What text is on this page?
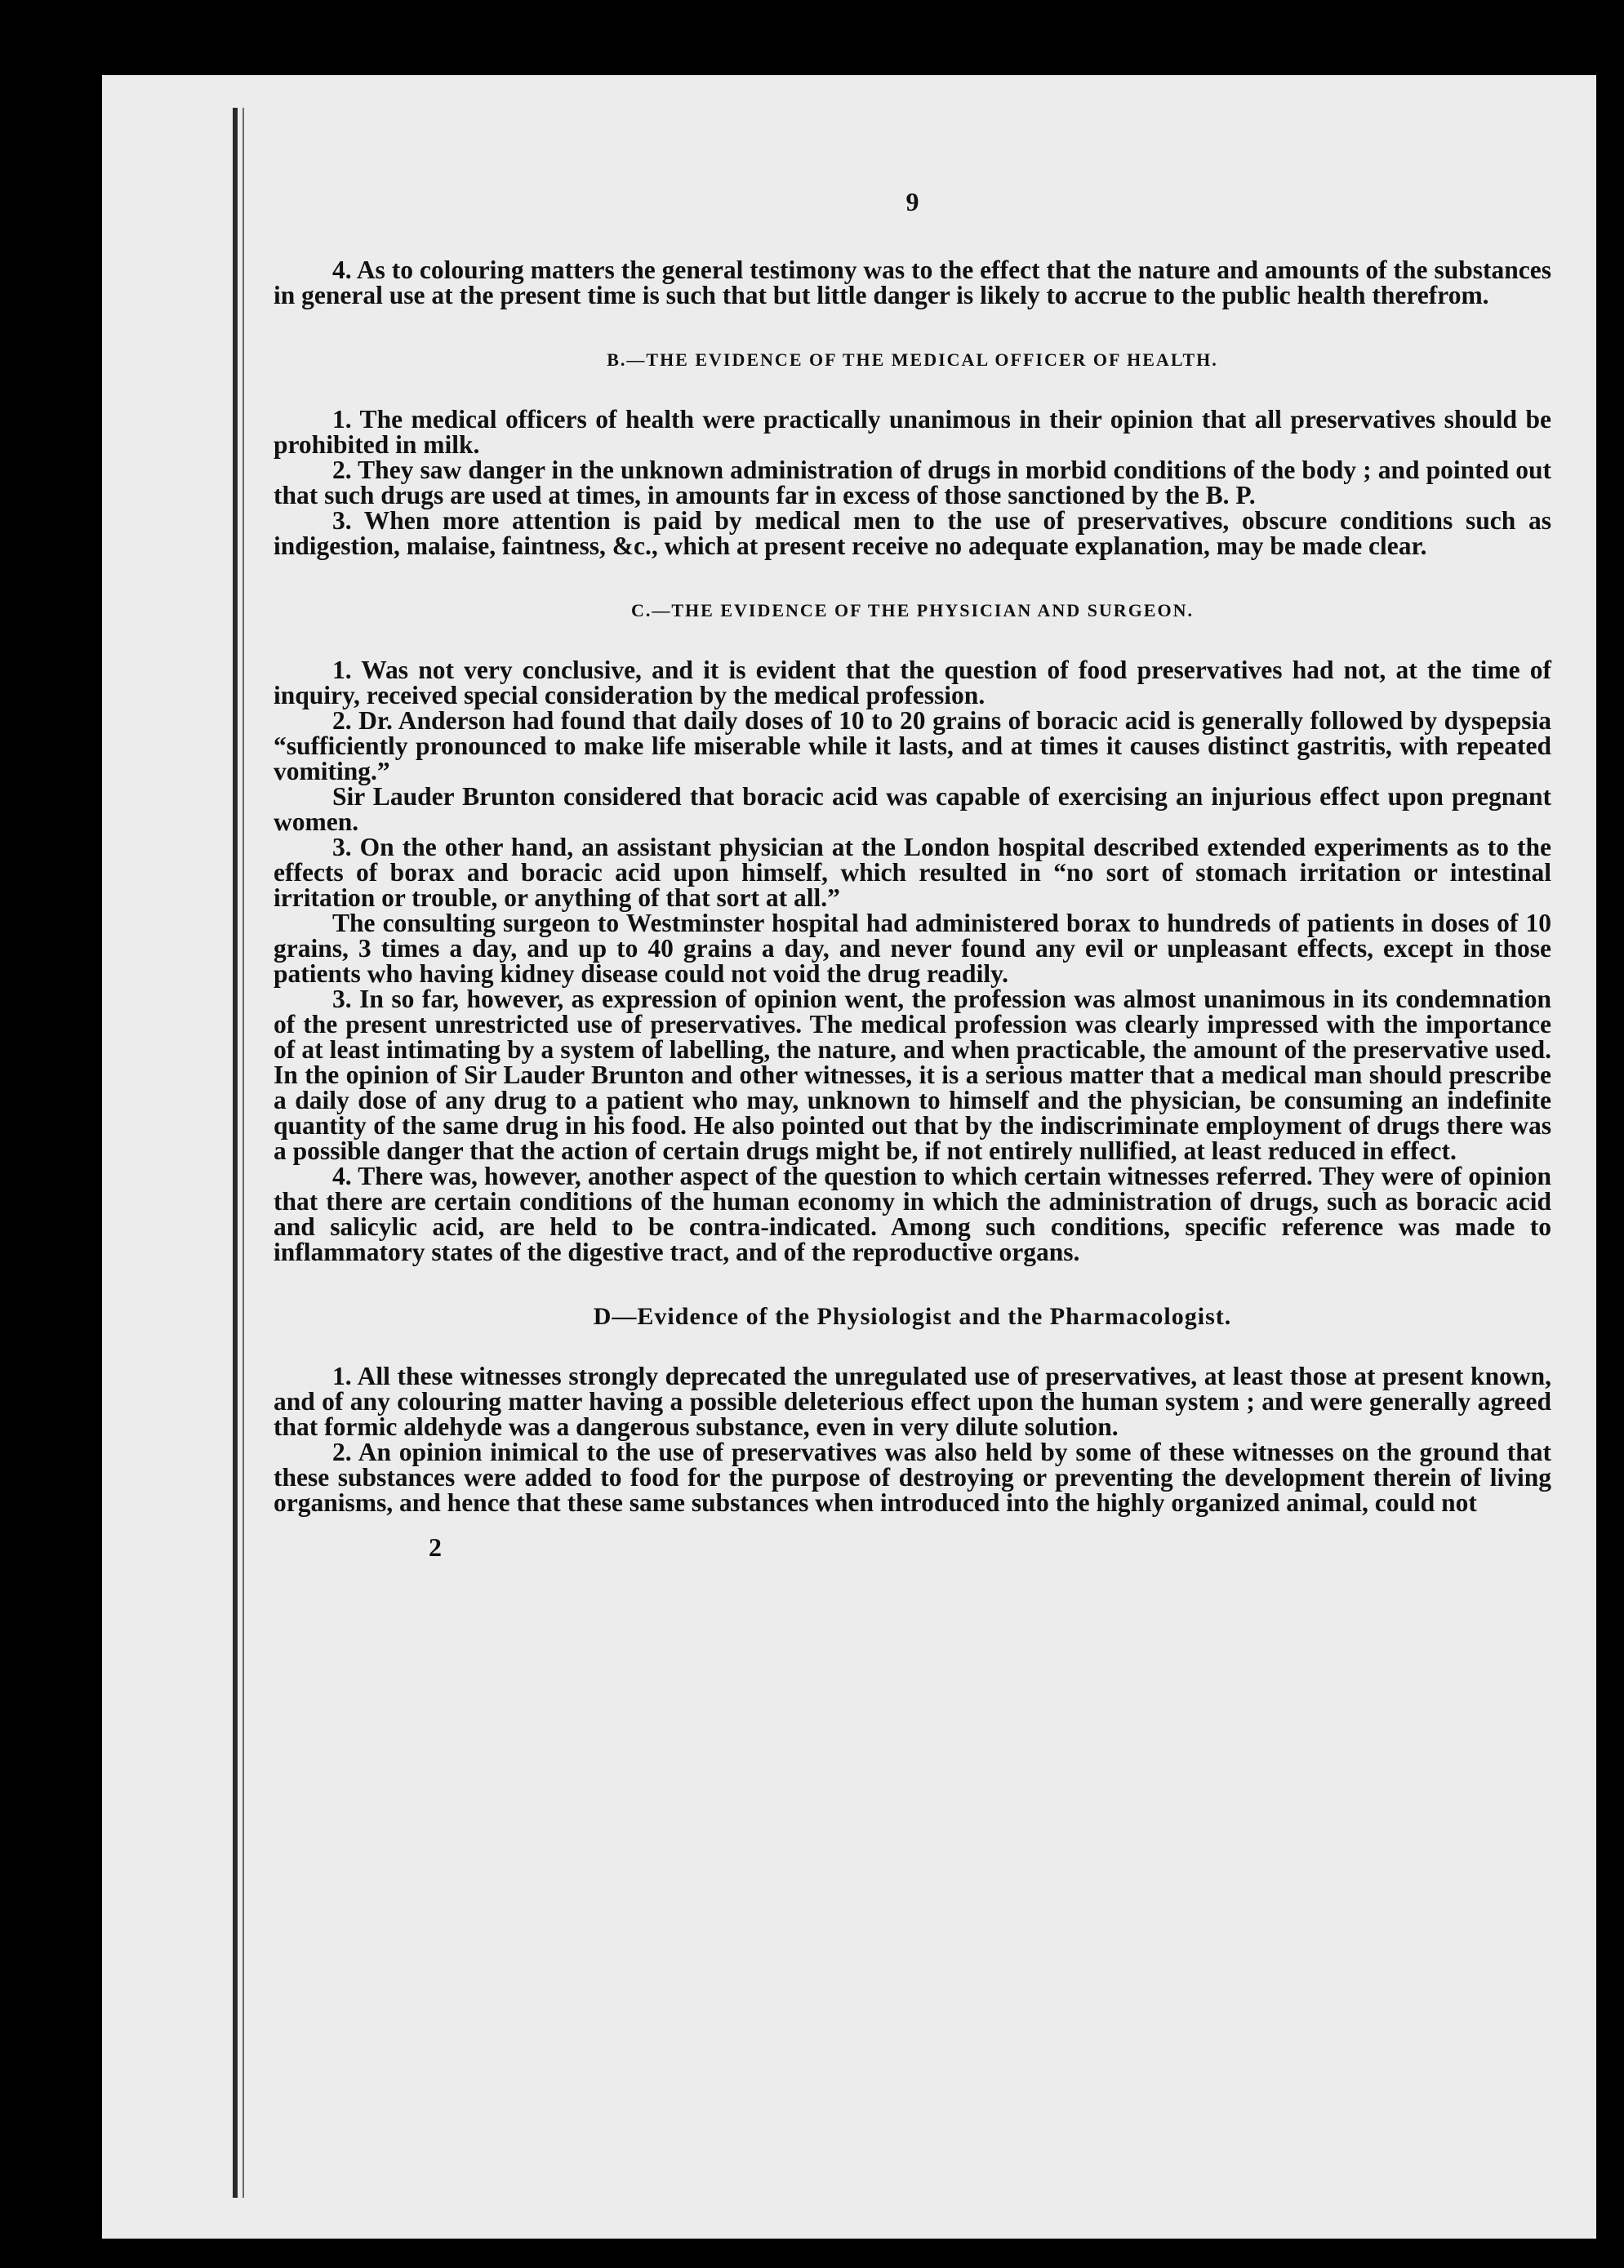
9

4. As to colouring matters the general testimony was to the effect that the nature and amounts of the substances in general use at the present time is such that but little danger is likely to accrue to the public health therefrom.

B.—THE EVIDENCE OF THE MEDICAL OFFICER OF HEALTH.

1. The medical officers of health were practically unanimous in their opinion that all preservatives should be prohibited in milk.

2. They saw danger in the unknown administration of drugs in morbid conditions of the body ; and pointed out that such drugs are used at times, in amounts far in excess of those sanctioned by the B. P.

3. When more attention is paid by medical men to the use of preservatives, obscure conditions such as indigestion, malaise, faintness, &c., which at present receive no adequate explanation, may be made clear.

C.—THE EVIDENCE OF THE PHYSICIAN AND SURGEON.

1. Was not very conclusive, and it is evident that the question of food preservatives had not, at the time of inquiry, received special consideration by the medical profession.

2. Dr. Anderson had found that daily doses of 10 to 20 grains of boracic acid is generally followed by dyspepsia “sufficiently pronounced to make life miserable while it lasts, and at times it causes distinct gastritis, with repeated vomiting.”

Sir Lauder Brunton considered that boracic acid was capable of exercising an injurious effect upon pregnant women.

3. On the other hand, an assistant physician at the London hospital described extended experiments as to the effects of borax and boracic acid upon himself, which resulted in “no sort of stomach irritation or intestinal irritation or trouble, or anything of that sort at all.”

The consulting surgeon to Westminster hospital had administered borax to hundreds of patients in doses of 10 grains, 3 times a day, and up to 40 grains a day, and never found any evil or unpleasant effects, except in those patients who having kidney disease could not void the drug readily.

3. In so far, however, as expression of opinion went, the profession was almost unanimous in its condemnation of the present unrestricted use of preservatives. The medical profession was clearly impressed with the importance of at least intimating by a system of labelling, the nature, and when practicable, the amount of the preservative used. In the opinion of Sir Lauder Brunton and other witnesses, it is a serious matter that a medical man should prescribe a daily dose of any drug to a patient who may, unknown to himself and the physician, be consuming an indefinite quantity of the same drug in his food. He also pointed out that by the indiscriminate employment of drugs there was a possible danger that the action of certain drugs might be, if not entirely nullified, at least reduced in effect.

4. There was, however, another aspect of the question to which certain witnesses referred. They were of opinion that there are certain conditions of the human economy in which the administration of drugs, such as boracic acid and salicylic acid, are held to be contra-indicated. Among such conditions, specific reference was made to inflammatory states of the digestive tract, and of the reproductive organs.

D—Evidence of the Physiologist and the Pharmacologist.

1. All these witnesses strongly deprecated the unregulated use of preservatives, at least those at present known, and of any colouring matter having a possible deleterious effect upon the human system ; and were generally agreed that formic aldehyde was a dangerous substance, even in very dilute solution.

2. An opinion inimical to the use of preservatives was also held by some of these witnesses on the ground that these substances were added to food for the purpose of destroying or preventing the development therein of living organisms, and hence that these same substances when introduced into the highly organized animal, could not

2
